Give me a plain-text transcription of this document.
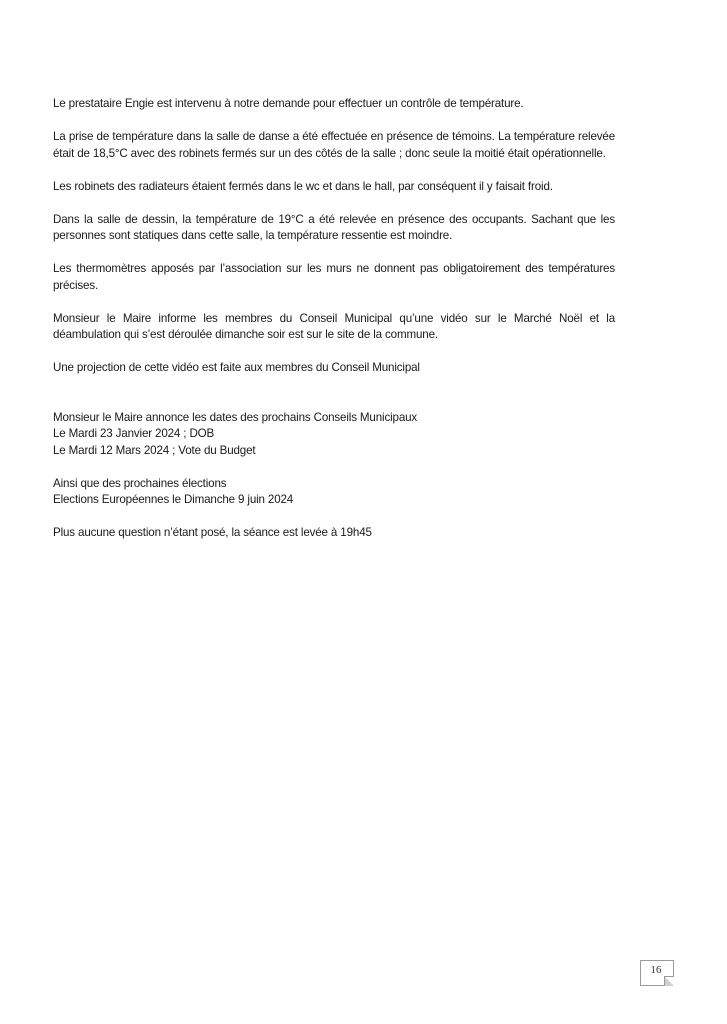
Le prestataire Engie est intervenu à notre demande pour effectuer un contrôle de température.

La prise de température dans la salle de danse a été effectuée en présence de témoins. La température relevée était de 18,5°C avec des robinets fermés sur un des côtés de la salle ; donc seule la moitié était opérationnelle.

Les robinets des radiateurs étaient fermés dans le wc et dans le hall, par conséquent il y faisait froid.

Dans la salle de dessin, la température de 19°C a été relevée en présence des occupants. Sachant que les personnes sont statiques dans cette salle, la température ressentie est moindre.

Les thermomètres apposés par l’association sur les murs ne donnent pas obligatoirement des températures précises.

Monsieur le Maire informe les membres du Conseil Municipal qu’une vidéo sur le Marché Noël et la déambulation qui s’est déroulée dimanche soir est sur le site de la commune.

Une projection de cette vidéo est faite aux membres du Conseil Municipal

Monsieur le Maire annonce les dates des prochains Conseils Municipaux

Le Mardi 23 Janvier 2024 ; DOB

Le Mardi 12 Mars 2024 ; Vote du Budget

Ainsi que des prochaines élections

Elections Européennes le Dimanche 9 juin 2024

Plus aucune question n’étant posé, la séance est levée à 19h45

16
